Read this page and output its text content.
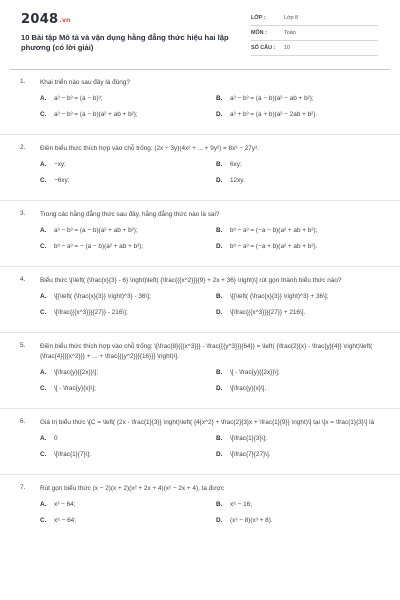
2048.vn
10 Bài tập Mô tả và vận dụng hằng đẳng thức hiệu hai lập phương (có lời giải)
LỚP :	Lớp 8
MÔN :	Toán
SỐ CÂU :	10
1. Khai triển nào sau đây là đúng?
A.	a³ − b³ = (a − b)³;	B.	a³ − b³ = (a − b)(a² − ab + b²);
C.	a³ − b³ = (a − b)(a² + ab + b²);	D.	a³ + b³ = (a + b)(a² − 2ab + b²).
2. Điền biểu thức thích hợp vào chỗ trống: (2x − 3y)(4x² + ... + 9y²) = 8x³ − 27y³.
A.	−xy;	B.	6xy;
C.	−6xy;	D.	12xy.
3. Trong các hằng đẳng thức sau đây, hằng đẳng thức nào là sai?
A.	a³ − b³ = (a − b)(a² + ab + b²);	B.	b³ − a³ = (−a − b)(a² + ab + b²);
C.	b³ − a³ = − (a − b)(a² + ab + b²);	D.	b³ − a³ = (−a + b)(a² + ab + b²).
4. Biểu thức \[\left( {\frac{x}{3} - 6} \right)\left( {\frac{{{x^2}}}{9} + 2x + 36} \right)\] rút gọn thành biểu thức nào?
A.	\[{\left( {\frac{x}{3}} \right)^3} - 36\];	B.	\[{\left( {\frac{x}{3}} \right)^3} + 36\];
C.	\[\frac{{{x^3}}}{27}} - 216\];	D.	\[\frac{{{x^3}}}{27}} + 216\].
5. Điền biểu thức thích hợp vào chỗ trống: \[\frac{8}{{{x^3}}} - \frac{{{y^3}}}{64}} = \left( {\frac{2}{x} - \frac{y}{4}} \right)\left( {\frac{4}{{{x^2}}} + ... + \frac{{{y^2}}}{16}}} \right)\].
A.	\[\frac{y}{{2x}}\];	B.	\[ - \frac{y}{{2x}}\];
C.	\[ - \frac{y}{x}\];	D.	\[\frac{y}{x}\].
6. Giá trị biểu thức \[C = \left( {2x - \frac{1}{3}} \right)\left( {4{x^2} + \frac{2}{3}x + \frac{1}{9}} \right)\] tại \[x = \frac{1}{3}\] là
A.	0	B.	\[\frac{1}{3}\];
C.	\[\frac{1}{7}\];	D.	\[\frac{7}{27}\].
7. Rút gọn biểu thức (x − 2)(x + 2)(x² + 2x + 4)(x² − 2x + 4), ta được
A.	x³ − 64;	B.	x⁶ − 16;
C.	x⁶ − 64;	D.	(x³ − 8)(x³ + 8).
